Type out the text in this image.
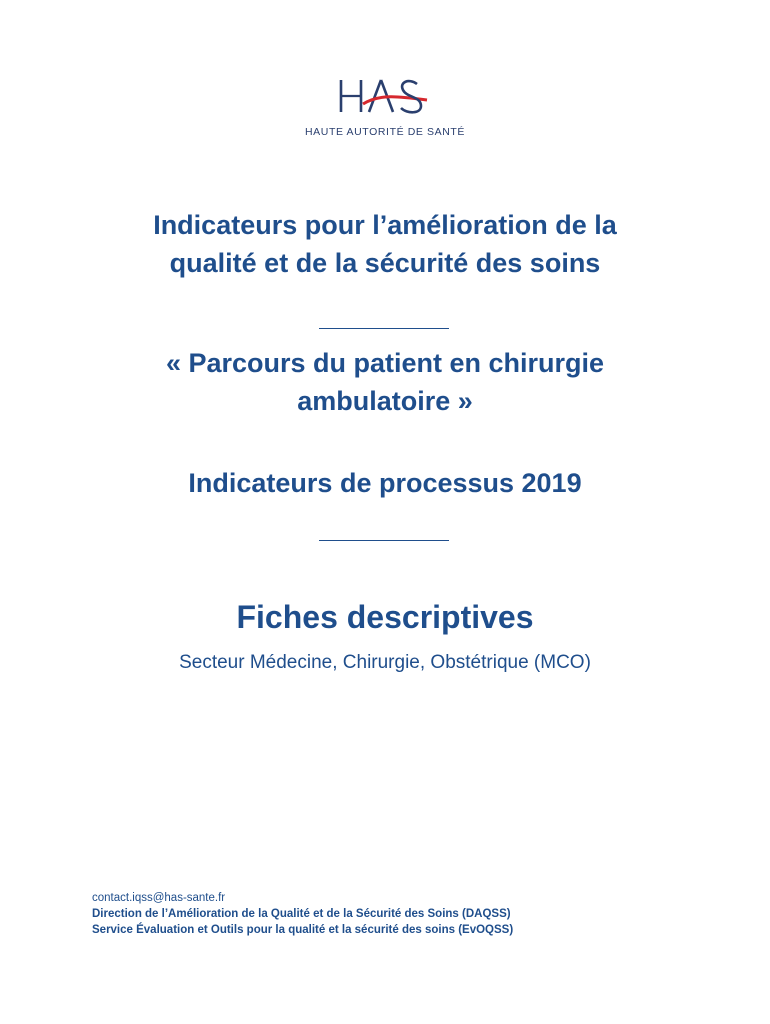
HAUTE AUTORITÉ DE SANTÉ
Indicateurs pour l’amélioration de la
qualité et de la sécurité des soins
« Parcours du patient en chirurgie
ambulatoire »
Indicateurs de processus 2019
Fiches descriptives
Secteur Médecine, Chirurgie, Obstétrique (MCO)
contact.iqss@has-sante.fr
Direction de l’Amélioration de la Qualité et de la Sécurité des Soins (DAQSS)
Service Évaluation et Outils pour la qualité et la sécurité des soins (EvOQSS)
